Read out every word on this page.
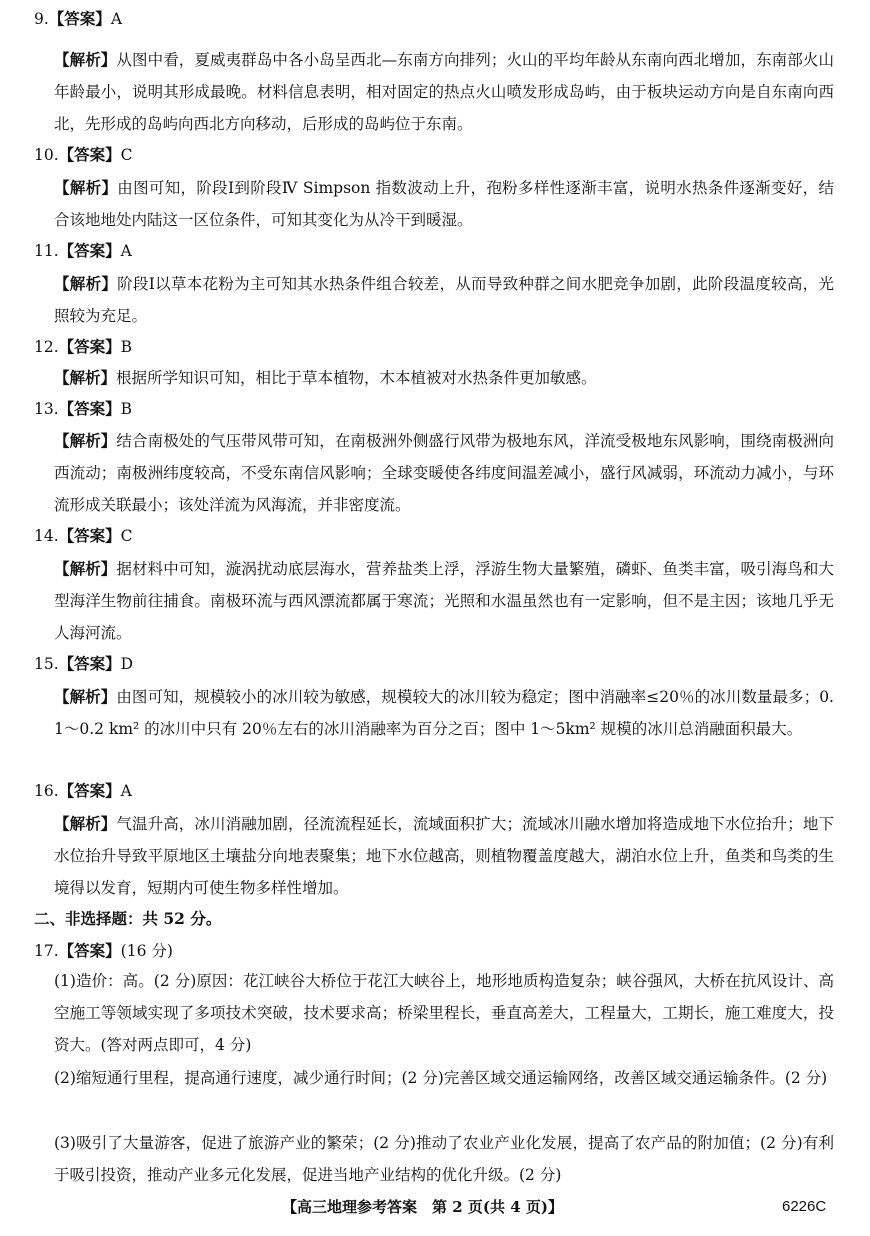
9.【答案】A
【解析】从图中看，夏威夷群岛中各小岛呈西北—东南方向排列；火山的平均年龄从东南向西北增加，东南部火山年龄最小，说明其形成最晚。材料信息表明，相对固定的热点火山喷发形成岛屿，由于板块运动方向是自东南向西北，先形成的岛屿向西北方向移动，后形成的岛屿位于东南。
10.【答案】C
【解析】由图可知，阶段Ⅰ到阶段Ⅳ Simpson 指数波动上升，孢粉多样性逐渐丰富，说明水热条件逐渐变好，结合该地地处内陆这一区位条件，可知其变化为从冷干到暖湿。
11.【答案】A
【解析】阶段Ⅰ以草本花粉为主可知其水热条件组合较差，从而导致种群之间水肥竞争加剧，此阶段温度较高，光照较为充足。
12.【答案】B
【解析】根据所学知识可知，相比于草本植物，木本植被对水热条件更加敏感。
13.【答案】B
【解析】结合南极处的气压带风带可知，在南极洲外侧盛行风带为极地东风，洋流受极地东风影响，围绕南极洲向西流动；南极洲纬度较高，不受东南信风影响；全球变暖使各纬度间温差减小，盛行风减弱，环流动力减小，与环流形成关联最小；该处洋流为风海流，并非密度流。
14.【答案】C
【解析】据材料中可知，漩涡扰动底层海水，营养盐类上浮，浮游生物大量繁殖，磷虾、鱼类丰富，吸引海鸟和大型海洋生物前往捕食。南极环流与西风漂流都属于寒流；光照和水温虽然也有一定影响，但不是主因；该地几乎无人海河流。
15.【答案】D
【解析】由图可知，规模较小的冰川较为敏感，规模较大的冰川较为稳定；图中消融率≤20％的冰川数量最多；0.1～0.2 km² 的冰川中只有 20％左右的冰川消融率为百分之百；图中 1～5km² 规模的冰川总消融面积最大。
16.【答案】A
【解析】气温升高，冰川消融加剧，径流流程延长，流域面积扩大；流域冰川融水增加将造成地下水位抬升；地下水位抬升导致平原地区土壤盐分向地表聚集；地下水位越高，则植物覆盖度越大，湖泊水位上升，鱼类和鸟类的生境得以发育，短期内可使生物多样性增加。
二、非选择题：共 52 分。
17.【答案】(16 分)
(1)造价：高。(2 分)原因：花江峡谷大桥位于花江大峡谷上，地形地质构造复杂；峡谷强风，大桥在抗风设计、高空施工等领域实现了多项技术突破，技术要求高；桥梁里程长，垂直高差大，工程量大，工期长，施工难度大，投资大。(答对两点即可，4 分)
(2)缩短通行里程，提高通行速度，减少通行时间；(2 分)完善区域交通运输网络，改善区域交通运输条件。(2 分)
(3)吸引了大量游客，促进了旅游产业的繁荣；(2 分)推动了农业产业化发展，提高了农产品的附加值；(2 分)有利于吸引投资，推动产业多元化发展，促进当地产业结构的优化升级。(2 分)
【高三地理参考答案　第 2 页(共 4 页)】	6226C
